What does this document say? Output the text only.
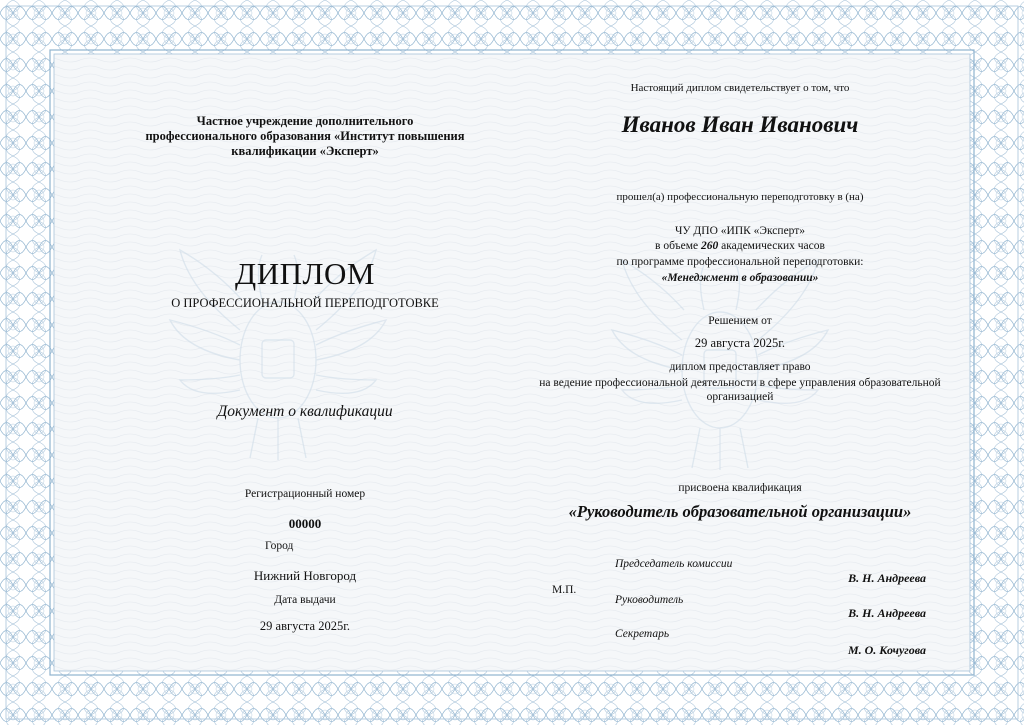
Частное учреждение дополнительного
профессионального образования «Институт повышения
квалификации «Эксперт»
ДИПЛОМ
О ПРОФЕССИОНАЛЬНОЙ ПЕРЕПОДГОТОВКЕ
Документ о квалификации
Регистрационный номер
00000
Город
Нижний Новгород
Дата выдачи
29 августа 2025г.
Настоящий диплом свидетельствует о том, что
Иванов Иван Иванович
прошел(а) профессиональную переподготовку в (на)
ЧУ ДПО «ИПК «Эксперт»
в объеме 260 академических часов
по программе профессиональной переподготовки:
«Менеджмент в образовании»
Решением от
29 августа 2025г.
диплом предоставляет право
на ведение профессиональной деятельности в сфере управления образовательной
организацией
присвоена квалификация
«Руководитель образовательной организации»
М.П.
Председатель комиссии
В. Н. Андреева
Руководитель
В. Н. Андреева
Секретарь
М. О. Кочугова
